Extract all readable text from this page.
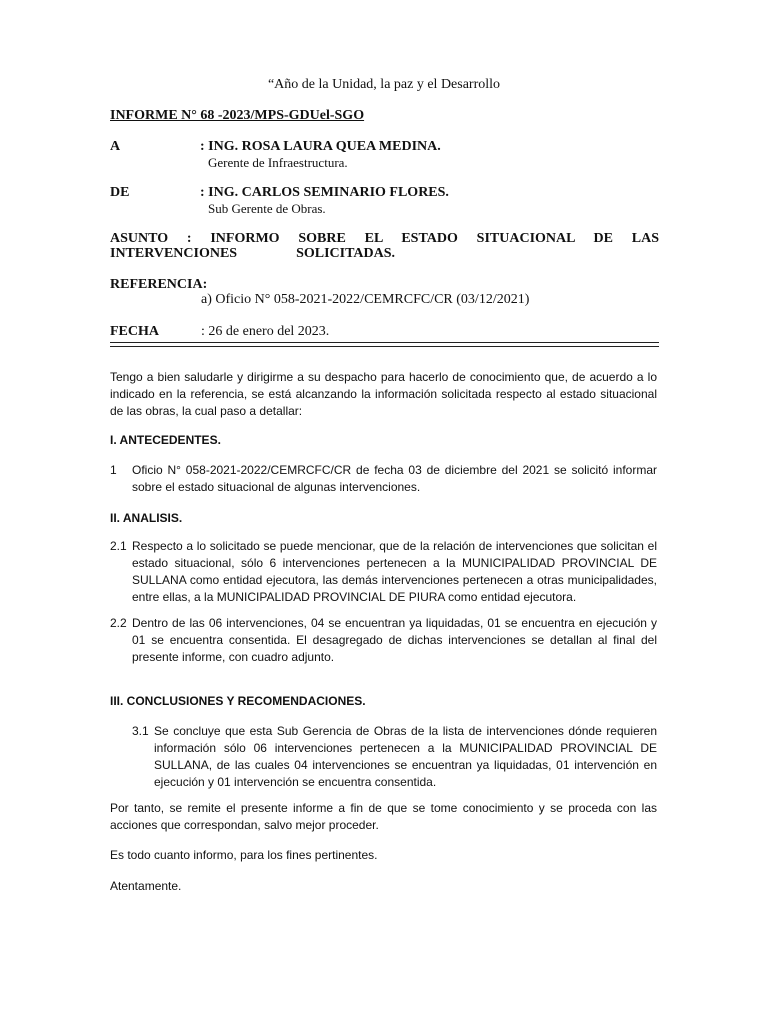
“Año de la Unidad, la paz y el Desarrollo
INFORME N° 68 -2023/MPS-GDUel-SGO
A	: ING. ROSA LAURA QUEA MEDINA.
Gerente de Infraestructura.
DE	: ING. CARLOS SEMINARIO FLORES.
Sub Gerente de Obras.
ASUNTO : INFORMO SOBRE EL ESTADO SITUACIONAL DE LAS
INTERVENCIONES SOLICITADAS.
REFERENCIA:
a) Oficio N° 058-2021-2022/CEMRCFC/CR (03/12/2021)
FECHA	: 26 de enero del 2023.
Tengo a bien saludarle y dirigirme a su despacho para hacerlo de conocimiento que, de acuerdo a lo indicado en la referencia, se está alcanzando la información solicitada respecto al estado situacional de las obras, la cual paso a detallar:
I. ANTECEDENTES.
1 Oficio N° 058-2021-2022/CEMRCFC/CR de fecha 03 de diciembre del 2021 se solicitó informar sobre el estado situacional de algunas intervenciones.
II. ANALISIS.
2.1 Respecto a lo solicitado se puede mencionar, que de la relación de intervenciones que solicitan el estado situacional, sólo 6 intervenciones pertenecen a la MUNICIPALIDAD PROVINCIAL DE SULLANA como entidad ejecutora, las demás intervenciones pertenecen a otras municipalidades, entre ellas, a la MUNICIPALIDAD PROVINCIAL DE PIURA como entidad ejecutora.
2.2 Dentro de las 06 intervenciones, 04 se encuentran ya liquidadas, 01 se encuentra en ejecución y 01 se encuentra consentida. El desagregado de dichas intervenciones se detallan al final del presente informe, con cuadro adjunto.
III. CONCLUSIONES Y RECOMENDACIONES.
3.1 Se concluye que esta Sub Gerencia de Obras de la lista de intervenciones dónde requieren información sólo 06 intervenciones pertenecen a la MUNICIPALIDAD PROVINCIAL DE SULLANA, de las cuales 04 intervenciones se encuentran ya liquidadas, 01 intervención en ejecución y 01 intervención se encuentra consentida.
Por tanto, se remite el presente informe a fin de que se tome conocimiento y se proceda con las acciones que correspondan, salvo mejor proceder.
Es todo cuanto informo, para los fines pertinentes.
Atentamente.
